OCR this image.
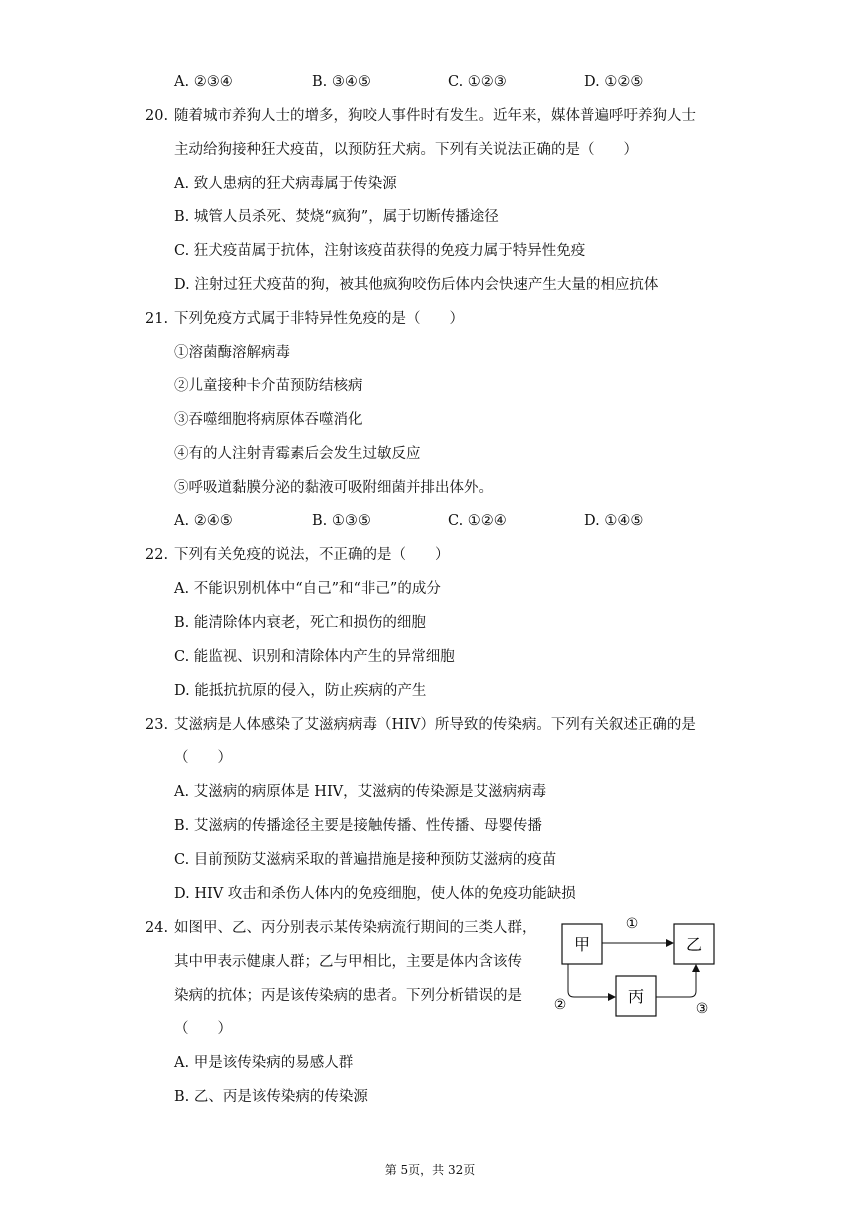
A. ②③④	B. ③④⑤	C. ①②③	D. ①②⑤
20. 随着城市养狗人士的增多，狗咬人事件时有发生。近年来，媒体普遍呼吁养狗人士
主动给狗接种狂犬疫苗，以预防狂犬病。下列有关说法正确的是（　　）
A. 致人患病的狂犬病毒属于传染源
B. 城管人员杀死、焚烧“疯狗”，属于切断传播途径
C. 狂犬疫苗属于抗体，注射该疫苗获得的免疫力属于特异性免疫
D. 注射过狂犬疫苗的狗，被其他疯狗咬伤后体内会快速产生大量的相应抗体
21. 下列免疫方式属于非特异性免疫的是（　　）
①溶菌酶溶解病毒
②儿童接种卡介苗预防结核病
③吞噬细胞将病原体吞噬消化
④有的人注射青霉素后会发生过敏反应
⑤呼吸道黏膜分泌的黏液可吸附细菌并排出体外。
A. ②④⑤	B. ①③⑤	C. ①②④	D. ①④⑤
22. 下列有关免疫的说法，不正确的是（　　）
A. 不能识别机体中“自己”和“非己”的成分
B. 能清除体内衰老，死亡和损伤的细胞
C. 能监视、识别和清除体内产生的异常细胞
D. 能抵抗抗原的侵入，防止疾病的产生
23. 艾滋病是人体感染了艾滋病病毒（HIV）所导致的传染病。下列有关叙述正确的是
（　　）
A. 艾滋病的病原体是 HIV，艾滋病的传染源是艾滋病病毒
B. 艾滋病的传播途径主要是接触传播、性传播、母婴传播
C. 目前预防艾滋病采取的普遍措施是接种预防艾滋病的疫苗
D. HIV 攻击和杀伤人体内的免疫细胞，使人体的免疫功能缺损
24. 如图甲、乙、丙分别表示某传染病流行期间的三类人群，
其中甲表示健康人群；乙与甲相比，主要是体内含该传
染病的抗体；丙是该传染病的患者。下列分析错误的是
（　　）
A. 甲是该传染病的易感人群
B. 乙、丙是该传染病的传染源
甲	乙
丙
①
②	③
第 5页，共 32页
